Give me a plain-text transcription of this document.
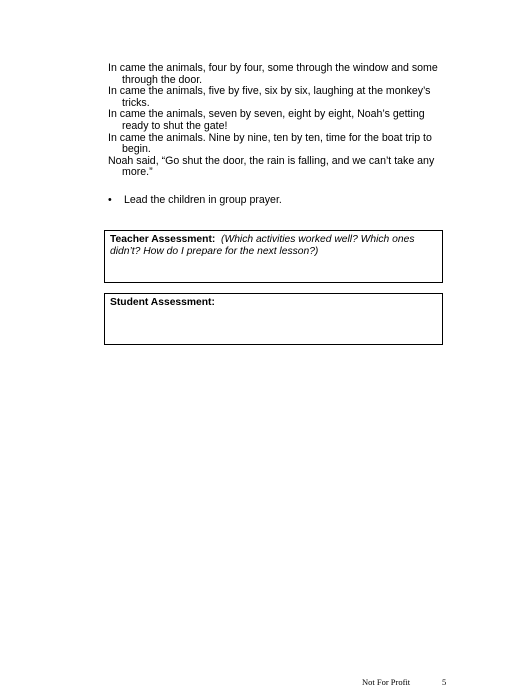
In came the animals, four by four, some through the window and some through the door.

In came the animals, five by five, six by six, laughing at the monkey’s tricks.

In came the animals, seven by seven, eight by eight, Noah’s getting ready to shut the gate!

In came the animals. Nine by nine, ten by ten, time for the boat trip to begin.

Noah said, “Go shut the door, the rain is falling, and we can’t take any more.”

• Lead the children in group prayer.
Teacher Assessment: (Which activities worked well? Which ones didn’t? How do I prepare for the next lesson?)
Student Assessment:
Not For Profit	5
